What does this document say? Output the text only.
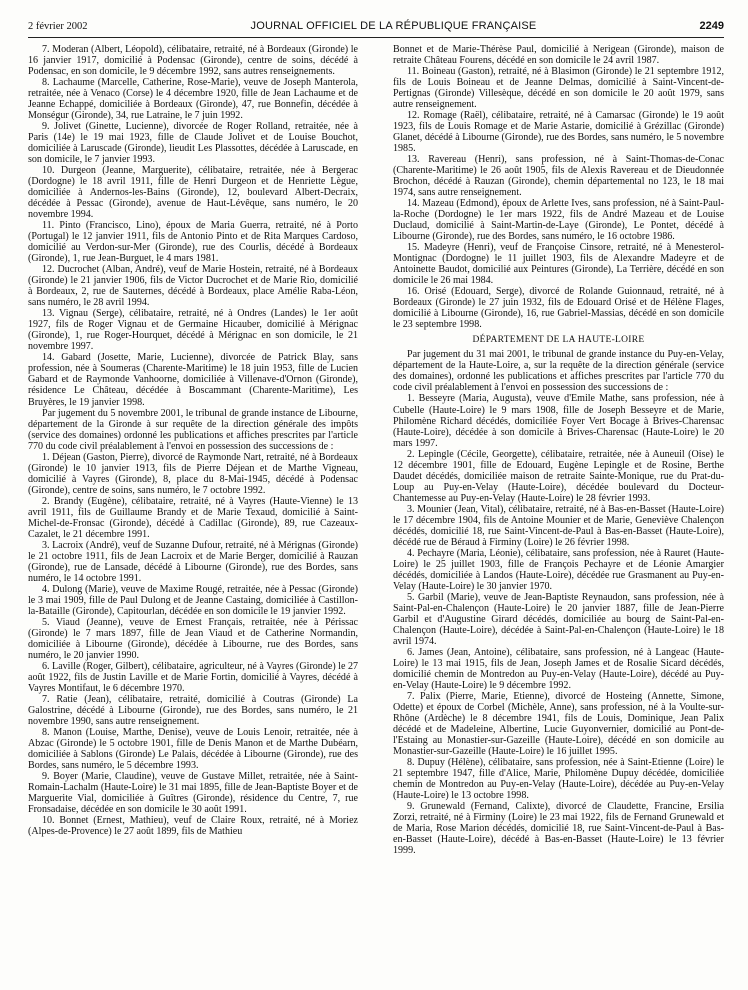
2 février 2002	JOURNAL OFFICIEL DE LA RÉPUBLIQUE FRANÇAISE	2249

7. Moderan (Albert, Léopold), célibataire, retraité, né à Bordeaux (Gironde) le 16 janvier 1917, domicilié à Podensac (Gironde), centre de soins, décédé à Podensac, en son domicile, le 9 décembre 1992, sans autres renseignements.

8. Lachaume (Marcelle, Catherine, Rose-Marie), veuve de Joseph Manterola, retraitée, née à Venaco (Corse) le 4 décembre 1920, fille de Jean Lachaume et de Jeanne Echappé, domiciliée à Bordeaux (Gironde), 47, rue Bonnefin, décédée à Monségur (Gironde), 34, rue Latraine, le 7 juin 1992.

9. Jolivet (Ginette, Lucienne), divorcée de Roger Rolland, retraitée, née à Paris (14e) le 19 mai 1923, fille de Claude Jolivet et de Louise Bouchot, domiciliée à Laruscade (Gironde), lieudit Les Plassottes, décédée à Laruscade, en son domicile, le 7 janvier 1993.

10. Durgeon (Jeanne, Marguerite), célibataire, retraitée, née à Bergerac (Dordogne) le 18 avril 1911, fille de Henri Durgeon et de Henriette Lègue, domiciliée à Andernos-les-Bains (Gironde), 12, boulevard Albert-Decraix, décédée à Pessac (Gironde), avenue de Haut-Lévêque, sans numéro, le 20 novembre 1994.

11. Pinto (Francisco, Lino), époux de Maria Guerra, retraité, né à Porto (Portugal) le 12 janvier 1911, fils de Antonio Pinto et de Rita Marques Cardoso, domicilié au Verdon-sur-Mer (Gironde), rue des Courlis, décédé à Bordeaux (Gironde), 1, rue Jean-Burguet, le 4 mars 1981.

12. Ducrochet (Alban, André), veuf de Marie Hostein, retraité, né à Bordeaux (Gironde) le 21 janvier 1906, fils de Victor Ducrochet et de Marie Rio, domicilié à Bordeaux, 2, rue de Sauternes, décédé à Bordeaux, place Amélie Raba-Léon, sans numéro, le 28 avril 1994.

13. Vignau (Serge), célibataire, retraité, né à Ondres (Landes) le 1er août 1927, fils de Roger Vignau et de Germaine Hicauber, domicilié à Mérignac (Gironde), 1, rue Roger-Hourquet, décédé à Mérignac en son domicile, le 21 novembre 1997.

14. Gabard (Josette, Marie, Lucienne), divorcée de Patrick Blay, sans profession, née à Soumeras (Charente-Maritime) le 18 juin 1953, fille de Lucien Gabard et de Raymonde Vanhoorne, domiciliée à Villenave-d'Ornon (Gironde), résidence Le Château, décédée à Boscammant (Charente-Maritime), Les Bruyères, le 19 janvier 1998.

Par jugement du 5 novembre 2001, le tribunal de grande instance de Libourne, département de la Gironde à sur requête de la direction générale des impôts (service des domaines) ordonné les publications et affiches prescrites par l'article 770 du code civil préalablement à l'envoi en possession des successions de :

1. Déjean (Gaston, Pierre), divorcé de Raymonde Nart, retraité, né à Bordeaux (Gironde) le 10 janvier 1913, fils de Pierre Déjean et de Marthe Vigneau, domicilié à Vayres (Gironde), 8, place du 8-Mai-1945, décédé à Podensac (Gironde), centre de soins, sans numéro, le 7 octobre 1992.

2. Brandy (Eugène), célibataire, retraité, né à Vayres (Haute-Vienne) le 13 avril 1911, fils de Guillaume Brandy et de Marie Texaud, domicilié à Saint-Michel-de-Fronsac (Gironde), décédé à Cadillac (Gironde), 89, rue Cazeaux-Cazalet, le 21 décembre 1991.

3. Lacroix (André), veuf de Suzanne Dufour, retraité, né à Mérignas (Gironde) le 21 octobre 1911, fils de Jean Lacroix et de Marie Berger, domicilié à Rauzan (Gironde), rue de Lansade, décédé à Libourne (Gironde), rue des Bordes, sans numéro, le 14 octobre 1991.

4. Dulong (Marie), veuve de Maxime Rougé, retraitée, née à Pessac (Gironde) le 3 mai 1909, fille de Paul Dulong et de Jeanne Castaing, domiciliée à Castillon-la-Bataille (Gironde), Capitourlan, décédée en son domicile le 19 janvier 1992.

5. Viaud (Jeanne), veuve de Ernest Français, retraitée, née à Périssac (Gironde) le 7 mars 1897, fille de Jean Viaud et de Catherine Normandin, domiciliée à Libourne (Gironde), décédée à Libourne, rue des Bordes, sans numéro, le 20 janvier 1990.

6. Laville (Roger, Gilbert), célibataire, agriculteur, né à Vayres (Gironde) le 27 août 1922, fils de Justin Laville et de Marie Fortin, domicilié à Vayres, décédé à Vayres Montifaut, le 6 décembre 1970.

7. Ratie (Jean), célibataire, retraité, domicilié à Coutras (Gironde) La Galostrine, décédé à Libourne (Gironde), rue des Bordes, sans numéro, le 21 novembre 1990, sans autre renseignement.

8. Manon (Louise, Marthe, Denise), veuve de Louis Lenoir, retraitée, née à Abzac (Gironde) le 5 octobre 1901, fille de Denis Manon et de Marthe Dubéarn, domiciliée à Sablons (Gironde) Le Palais, décédée à Libourne (Gironde), rue des Bordes, sans numéro, le 5 décembre 1993.

9. Boyer (Marie, Claudine), veuve de Gustave Millet, retraitée, née à Saint-Romain-Lachalm (Haute-Loire) le 31 mai 1895, fille de Jean-Baptiste Boyer et de Marguerite Vial, domiciliée à Guîtres (Gironde), résidence du Centre, 7, rue Fronsadaise, décédée en son domicile le 30 août 1991.

10. Bonnet (Ernest, Mathieu), veuf de Claire Roux, retraité, né à Moriez (Alpes-de-Provence) le 27 août 1899, fils de Mathieu

Bonnet et de Marie-Thérèse Paul, domicilié à Nerigean (Gironde), maison de retraite Château Fourens, décédé en son domicile le 24 avril 1987.

11. Boineau (Gaston), retraité, né à Blasimon (Gironde) le 21 septembre 1912, fils de Louis Boineau et de Jeanne Delmas, domicilié à Saint-Vincent-de-Pertignas (Gironde) Villesèque, décédé en son domicile le 20 août 1979, sans autre renseignement.

12. Romage (Raël), célibataire, retraité, né à Camarsac (Gironde) le 19 août 1923, fils de Louis Romage et de Marie Astarie, domicilié à Grézillac (Gironde) Glanet, décédé à Libourne (Gironde), rue des Bordes, sans numéro, le 5 novembre 1985.

13. Ravereau (Henri), sans profession, né à Saint-Thomas-de-Conac (Charente-Maritime) le 26 août 1905, fils de Alexis Ravereau et de Dieudonnée Brochon, décédé à Rauzan (Gironde), chemin départemental no 123, le 18 mai 1974, sans autre renseignement.

14. Mazeau (Edmond), époux de Arlette Ives, sans profession, né à Saint-Paul-la-Roche (Dordogne) le 1er mars 1922, fils de André Mazeau et de Louise Duclaud, domicilié à Saint-Martin-de-Laye (Gironde), Le Pontet, décédé à Libourne (Gironde), rue des Bordes, sans numéro, le 16 octobre 1986.

15. Madeyre (Henri), veuf de Françoise Cinsore, retraité, né à Menesterol-Montignac (Dordogne) le 11 juillet 1903, fils de Alexandre Madeyre et de Antoinette Baudot, domicilié aux Peintures (Gironde), La Terrière, décédé en son domicile le 26 mai 1984.

16. Orisé (Edouard, Serge), divorcé de Rolande Guionnaud, retraité, né à Bordeaux (Gironde) le 27 juin 1932, fils de Edouard Orisé et de Hélène Flages, domicilié à Libourne (Gironde), 16, rue Gabriel-Massias, décédé en son domicile le 23 septembre 1998.

DÉPARTEMENT DE LA HAUTE-LOIRE

Par jugement du 31 mai 2001, le tribunal de grande instance du Puy-en-Velay, département de la Haute-Loire, a, sur la requête de la direction générale (service des domaines), ordonné les publications et affiches prescrites par l'article 770 du code civil préalablement à l'envoi en possession des successions de :

1. Besseyre (Maria, Augusta), veuve d'Emile Mathe, sans profession, née à Cubelle (Haute-Loire) le 9 mars 1908, fille de Joseph Besseyre et de Marie, Philomène Richard décédés, domiciliée Foyer Vert Bocage à Brives-Charensac (Haute-Loire), décédée à son domicile à Brives-Charensac (Haute-Loire) le 20 mars 1997.

2. Lepingle (Cécile, Georgette), célibataire, retraitée, née à Auneuil (Oise) le 12 décembre 1901, fille de Edouard, Eugène Lepingle et de Rosine, Berthe Daudet décédés, domiciliée maison de retraite Sainte-Monique, rue du Prat-du-Loup au Puy-en-Velay (Haute-Loire), décédée boulevard du Docteur-Chantemesse au Puy-en-Velay (Haute-Loire) le 28 février 1993.

3. Mounier (Jean, Vital), célibataire, retraité, né à Bas-en-Basset (Haute-Loire) le 17 décembre 1904, fils de Antoine Mounier et de Marie, Geneviève Chalençon décédés, domicilié 18, rue Saint-Vincent-de-Paul à Bas-en-Basset (Haute-Loire), décédé rue de Béraud à Firminy (Loire) le 26 février 1998.

4. Pechayre (Maria, Léonie), célibataire, sans profession, née à Rauret (Haute-Loire) le 25 juillet 1903, fille de François Pechayre et de Léonie Amargier décédés, domiciliée à Landos (Haute-Loire), décédée rue Grasmanent au Puy-en-Velay (Haute-Loire) le 30 janvier 1970.

5. Garbil (Marie), veuve de Jean-Baptiste Reynaudon, sans profession, née à Saint-Pal-en-Chalençon (Haute-Loire) le 20 janvier 1887, fille de Jean-Pierre Garbil et d'Augustine Girard décédés, domiciliée au bourg de Saint-Pal-en-Chalençon (Haute-Loire), décédée à Saint-Pal-en-Chalençon (Haute-Loire) le 18 avril 1974.

6. James (Jean, Antoine), célibataire, sans profession, né à Langeac (Haute-Loire) le 13 mai 1915, fils de Jean, Joseph James et de Rosalie Sicard décédés, domicilié chemin de Montredon au Puy-en-Velay (Haute-Loire), décédé au Puy-en-Velay (Haute-Loire) le 9 décembre 1992.

7. Palix (Pierre, Marie, Etienne), divorcé de Hosteing (Annette, Simone, Odette) et époux de Corbel (Michèle, Anne), sans profession, né à la Voulte-sur-Rhône (Ardèche) le 8 décembre 1941, fils de Louis, Dominique, Jean Palix décédé et de Madeleine, Albertine, Lucie Guyonvernier, domicilié au Pont-de-l'Estaing au Monastier-sur-Gazeille (Haute-Loire), décédé en son domicile au Monastier-sur-Gazeille (Haute-Loire) le 16 juillet 1995.

8. Dupuy (Hélène), célibataire, sans profession, née à Saint-Etienne (Loire) le 21 septembre 1947, fille d'Alice, Marie, Philomène Dupuy décédée, domiciliée chemin de Montredon au Puy-en-Velay (Haute-Loire), décédée au Puy-en-Velay (Haute-Loire) le 13 octobre 1998.

9. Grunewald (Fernand, Calixte), divorcé de Claudette, Francine, Ersilia Zorzi, retraité, né à Firminy (Loire) le 23 mai 1922, fils de Fernand Grunewald et de Maria, Rose Marion décédés, domicilié 18, rue Saint-Vincent-de-Paul à Bas-en-Basset (Haute-Loire), décédé à Bas-en-Basset (Haute-Loire) le 13 février 1999.
